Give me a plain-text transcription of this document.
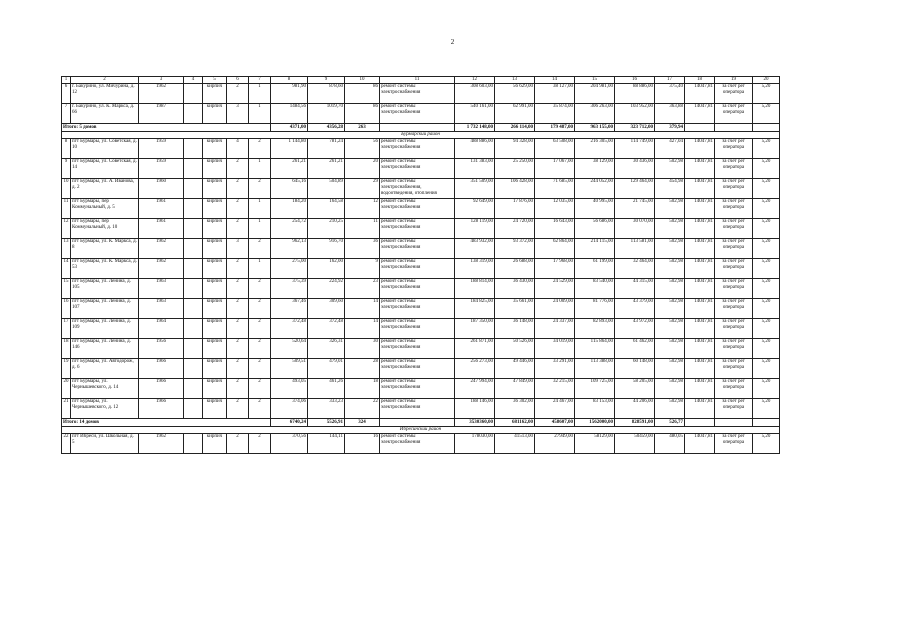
2
1	2	3	4	5	6	7	8	9	10	11	12	13	14	15	16	17	18	19	20
6	г. Бакурино, ул. Мичурина, д. 12	1962		кирпич	2	1	981,90	878,60	86	ремонт системы электроснабжения	308 603,00	56 629,00	38 127,00	204 981,00	88 886,00	375,40	14047,81	за счет рег оператора	5,20
7	г. Бакурино, ул. К. Маркса, д. 66	1987		кирпич	3	1	1484,56	1019,70	86	ремонт системы электроснабжения	540 161,00	62 991,00	35 874,00	306 263,00	103 952,00	363,88	14047,81	за счет рег оператора	5,20
Итого: 5 домов							4371,00	4356,28	263		1 732 148,00	266 114,00	179 487,00	963 155,00	323 712,00	379,94			
Бурмарский район																			
8	пгт Бурмары, ул. Советская, д. 10	1959		кирпич	4	2	1 144,80	781,24	56	ремонт системы электроснабжения	488 886,00	94 328,00	63 508,00	216 305,00	114 749,00	427,04	14047,81	за счет рег оператора	5,20
9	пгт Бурмары, ул. Советская, д. 14	1959		кирпич	2	1	261,21	261,21	20	ремонт системы электроснабжения	131 383,00	25 250,00	17 067,00	38 129,00	30 436,00	502,98	14047,81	за счет рег оператора	5,20
10	пгт Бурмары, ул. А. Иванова, д. 2	1960		кирпич	2	2	645,16	504,89	29	ремонт системы электроснабжения, водоотведения, отопления	351 509,00	106 428,00	71 685,00	244 052,00	129 464,00	454,98	14047,81	за счет рег оператора	5,20
11	пгт Бурмары, пер Коммунальный, д. 5	1961		кирпич	2	1	184,20	164,58	12	ремонт системы электроснабжения	92 649,00	17 876,00	12 035,00	40 995,00	21 745,00	502,98	14047,81	за счет рег оператора	5,20
12	пгт Бурмары, пер Коммунальный, д. 10	1961		кирпич	2	1	254,72	210,25	11	ремонт системы электроснабжения	128 119,00	24 720,00	16 643,00	56 686,00	30 070,00	502,98	14047,81	за счет рег оператора	5,20
13	пгт Бурмары, ул. К. Маркса, д. 8	1962		кирпич	3	2	962,13	916,70	36	ремонт системы электроснабжения	483 932,00	93 372,00	62 864,00	214 115,00	113 581,00	502,98	14047,81	за счет рег оператора	5,20
14	пгт Бурмары, ул. К. Маркса, д. 53	1962		кирпич	2	1	275,00	162,00	9	ремонт системы электроснабжения	138 319,00	26 688,00	17 968,00	61 199,00	32 464,00	502,98	14047,81	за счет рег оператора	5,20
15	пгт Бурмары, ул. Ленина, д. 105	1963		кирпич	2	2	375,39	224,92	23	ремонт системы электроснабжения	188 814,00	36 430,00	24 529,00	83 540,00	44 315,00	502,98	14047,81	за счет рег оператора	5,20
16	пгт Бурмары, ул. Ленина, д. 107	1963		кирпич	2	2	367,46	309,60	14	ремонт системы электроснабжения	184 825,00	35 661,00	24 009,00	81 776,00	43 379,00	502,98	14047,81	за счет рег оператора	5,20
17	пгт Бурмары, ул. Ленина, д. 109	1964		кирпич	2	2	372,48	372,48	14	ремонт системы электроснабжения	187 350,00	36 148,00	24 337,00	82 893,00	43 972,00	502,98	14047,81	за счет рег оператора	5,20
18	пгт Бурмары, ул. Ленина, д. 146	1956		кирпич	2	2	520,64	326,31	30	ремонт системы электроснабжения	261 871,00	50 526,00	34 019,00	115 864,00	61 462,00	502,98	14047,81	за счет рег оператора	5,20
19	пгт Бурмары, ул. Автодорож, д. 6	1966		кирпич	2	2	509,51	479,01	28	ремонт системы электроснабжения	256 273,00	49 446,00	33 291,00	113 388,00	60 148,00	502,98	14047,81	за счет рег оператора	5,20
20	пгт Бурмары, ул. Чернышевского, д. 14	1966		кирпич	2	2	493,05	461,26	18	ремонт системы электроснабжения	247 994,00	47 849,00	32 215,00	109 725,00	58 205,00	502,98	14047,81	за счет рег оператора	5,20
21	пгт Бурмары, ул. Чернышевского, д. 12	1966		кирпич	2	2	374,06	333,23	22	ремонт системы электроснабжения	188 146,00	36 302,00	24 467,00	83 153,00	44 206,00	502,98	14047,81	за счет рег оператора	5,20
Итого: 14 домов							6740,24	5526,91	324		3530360,00	681162,00	458607,00	1562000,00	828591,00	526,77			
Ибресинский район																			
22	пгт Ибреси, ул. Школьная, д. 5	1962		кирпич	2	2	370,56	144,11	16	ремонт системы электроснабжения	178030,00	41513,00	27949,00	58129,00	50459,00	480,05	14047,81	за счет рег оператора	5,20
